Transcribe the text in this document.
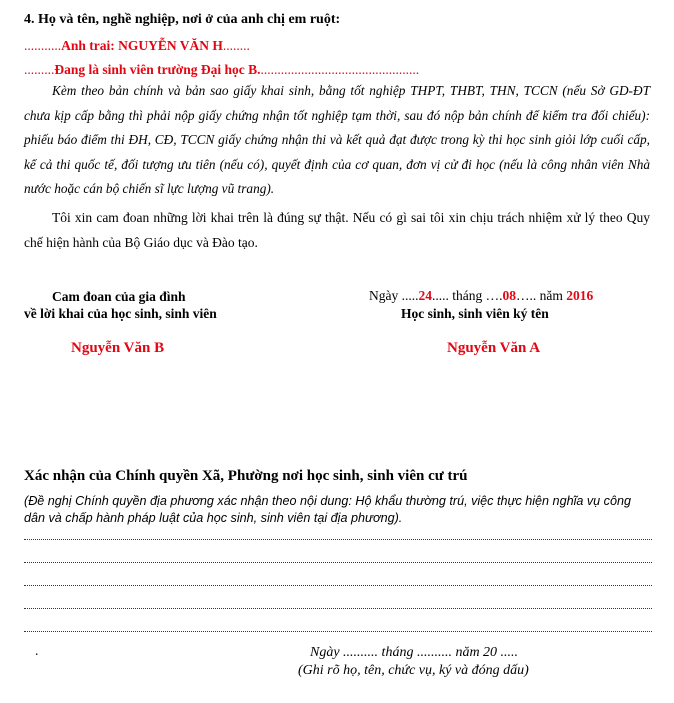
4. Họ và tên, nghề nghiệp, nơi ở của anh chị em ruột:
...........Anh trai: NGUYỄN VĂN H........
.........Đang là sinh viên trường Đại học B................................................
Kèm theo bản chính và bản sao giấy khai sinh, bằng tốt nghiệp THPT, THBT, THN, TCCN (nếu Sở GD-ĐT chưa kịp cấp bằng thì phải nộp giấy chứng nhận tốt nghiệp tạm thời, sau đó nộp bản chính để kiểm tra đối chiếu): phiếu báo điểm thi ĐH, CĐ, TCCN giấy chứng nhận thi và kết quả đạt được trong kỳ thi học sinh giỏi lớp cuối cấp, kể cả thi quốc tế, đối tượng ưu tiên (nếu có), quyết định của cơ quan, đơn vị cử đi học (nếu là công nhân viên Nhà nước hoặc cán bộ chiến sĩ lực lượng vũ trang).
Tôi xin cam đoan những lời khai trên là đúng sự thật. Nếu có gì sai tôi xin chịu trách nhiệm xử lý theo Quy chế hiện hành của Bộ Giáo dục và Đào tạo.
Cam đoan của gia đình
về lời khai của học sinh, sinh viên
Nguyễn Văn B
Ngày .....24..... tháng ….08….. năm 2016
Học sinh, sinh viên ký tên
Nguyễn Văn A
Xác nhận của Chính quyền Xã, Phường nơi học sinh, sinh viên cư trú
(Đề nghị Chính quyền địa phương xác nhận theo nội dung: Hộ khẩu thường trú, việc thực hiện nghĩa vụ công dân và chấp hành pháp luật của học sinh, sinh viên tại địa phương).
.	Ngày .......... tháng .......... năm 20 .....
(Ghi rõ họ, tên, chức vụ, ký và đóng dấu)
